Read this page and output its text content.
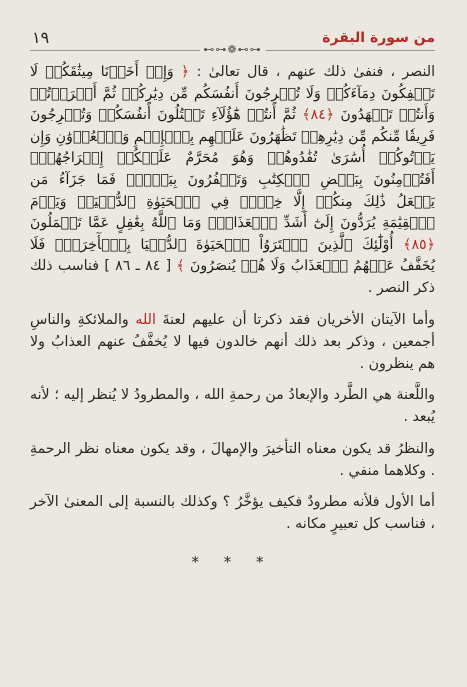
من سورة البقرة
١٩
⊷⊶❁⊷⊶

النصر ، فنفىٰ ذلك عنهم ، قال تعالىٰ : ﴿ وَإِذۡ أَخَذۡنَا مِيثَٰقَكُمۡ لَا تَسۡفِكُونَ دِمَآءَكُمۡ وَلَا تُخۡرِجُونَ أَنفُسَكُم مِّن دِيَٰرِكُمۡ ثُمَّ أَقۡرَرۡتُمۡ وَأَنتُمۡ تَشۡهَدُونَ ﴿٨٤﴾ ثُمَّ أَنتُمۡ هَٰٓؤُلَآءِ تَقۡتُلُونَ أَنفُسَكُمۡ وَتُخۡرِجُونَ فَرِيقٗا مِّنكُم مِّن دِيَٰرِهِمۡ تَظَٰهَرُونَ عَلَيۡهِم بِٱلۡإِثۡمِ وَٱلۡعُدۡوَٰنِ وَإِن يَأۡتُوكُمۡ أُسَٰرَىٰ تُفَٰدُوهُمۡ وَهُوَ مُحَرَّمٌ عَلَيۡكُمۡ إِخۡرَاجُهُمۡۚ أَفَتُؤۡمِنُونَ بِبَعۡضِ ٱلۡكِتَٰبِ وَتَكۡفُرُونَ بِبَعۡضٖۚ فَمَا جَزَآءُ مَن يَفۡعَلُ ذَٰلِكَ مِنكُمۡ إِلَّا خِزۡيٞ فِي ٱلۡحَيَوٰةِ ٱلدُّنۡيَاۖ وَيَوۡمَ ٱلۡقِيَٰمَةِ يُرَدُّونَ إِلَىٰٓ أَشَدِّ ٱلۡعَذَابِۗ وَمَا ٱللَّهُ بِغَٰفِلٍ عَمَّا تَعۡمَلُونَ ﴿٨٥﴾ أُوْلَٰٓئِكَ ٱلَّذِينَ ٱشۡتَرَوُاْ ٱلۡحَيَوٰةَ ٱلدُّنۡيَا بِٱلۡأٓخِرَةِۖ فَلَا يُخَفَّفُ عَنۡهُمُ ٱلۡعَذَابُ وَلَا هُمۡ يُنصَرُونَ ﴾ [ ٨٤ ـ ٨٦ ] فناسب ذلك ذكر النصر .

وأما الآيتان الأخريان فقد ذكرتا أن عليهم لعنةَ الله والملائكةِ والناسِ أجمعين ، وذكر بعد ذلك أنهم خالدون فيها لا يُخفَّفُ عنهم العذابُ ولا هم ينظرون .

واللَّعنة هي الطَّرد والإبعادُ من رحمةِ الله ، والمطرودُ لا يُنظر إليه ؛ لأنه يُبعد .

والنظرُ قد يكون معناه التأخيرَ والإمهالَ ، وقد يكون معناه نظر الرحمةِ . وكلاهما منفي .

أما الأول فلأنه مطرودٌ فكيف يؤخَّرُ ؟ وكذلك بالنسبة إلى المعنىٰ الآخر ، فناسب كل تعبيرٍ مكانه .

* * *
